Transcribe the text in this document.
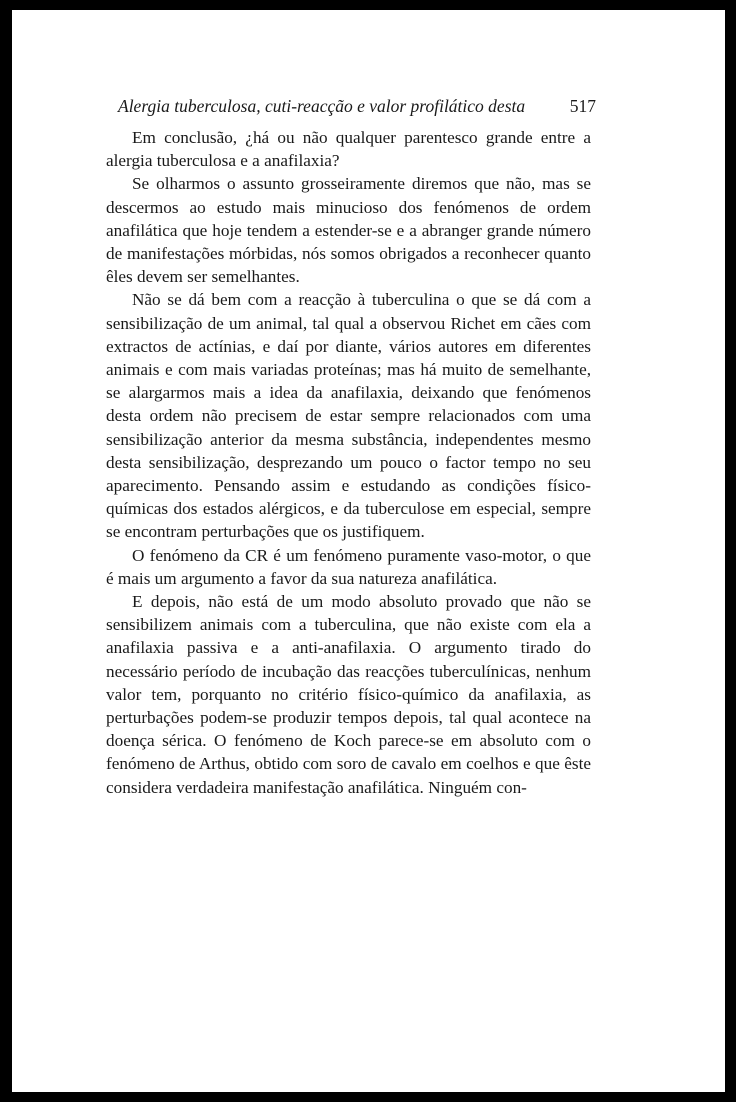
Alergia tuberculosa, cuti-reacção e valor profilático desta	517

Em conclusão, ¿há ou não qualquer parentesco grande entre a alergia tuberculosa e a anafilaxia?

Se olharmos o assunto grosseiramente diremos que não, mas se descermos ao estudo mais minucioso dos fenómenos de ordem anafilática que hoje tendem a estender-se e a abranger grande número de manifestações mórbidas, nós somos obrigados a reconhecer quanto êles devem ser semelhantes.

Não se dá bem com a reacção à tuberculina o que se dá com a sensibilização de um animal, tal qual a observou Richet em cães com extractos de actínias, e daí por diante, vários autores em diferentes animais e com mais variadas proteínas; mas há muito de semelhante, se alargarmos mais a idea da anafilaxia, deixando que fenómenos desta ordem não precisem de estar sempre relacionados com uma sensibilização anterior da mesma substância, independentes mesmo desta sensibilização, desprezando um pouco o factor tempo no seu aparecimento. Pensando assim e estudando as condições físico-químicas dos estados alérgicos, e da tuberculose em especial, sempre se encontram perturbações que os justifiquem.

O fenómeno da CR é um fenómeno puramente vaso-motor, o que é mais um argumento a favor da sua natureza anafilática.

E depois, não está de um modo absoluto provado que não se sensibilizem animais com a tuberculina, que não existe com ela a anafilaxia passiva e a anti-anafilaxia. O argumento tirado do necessário período de incubação das reacções tuberculínicas, nenhum valor tem, porquanto no critério físico-químico da anafilaxia, as perturbações podem-se produzir tempos depois, tal qual acontece na doença sérica. O fenómeno de Koch parece-se em absoluto com o fenómeno de Arthus, obtido com soro de cavalo em coelhos e que êste considera verdadeira manifestação anafilática. Ninguém con-
